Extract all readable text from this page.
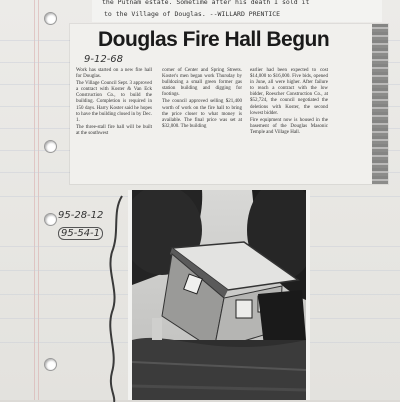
the Putnam estate. Sometime after his death I sold it
to the Village of Douglas. --WILLARD PRENTICE
Douglas Fire Hall Begun
9-12-68

Work has started on a new fire hall for Douglas.

The Village Council Sept. 3 approved a contract with Koster & Van Eck Construction Co., to build the building. Completion is required in 150 days. Harry Koster said he hopes to have the building closed in by Dec. 1.

The three-stall fire hall will be built at the southwest

corner of Center and Spring Streets. Koster's men began work Thursday by bulldozing a small green former gas station building and digging for footings.

The council approved selling $21,400 worth of work on the fire hall to bring the price closer to what money is available. The final price was set at $32,000. The building

earlier had been expected to cost $14,000 to $16,000. Five bids, opened in June, all were higher. After failure to reach a contract with the low bidder, Roescher Construction Co., at $52,724, the council negotiated the deletions with Koster, the second lowest bidder.

Fire equipment now is housed in the basement of the Douglas Masonic Temple and Village Hall.

95-28-12
95-54-1
